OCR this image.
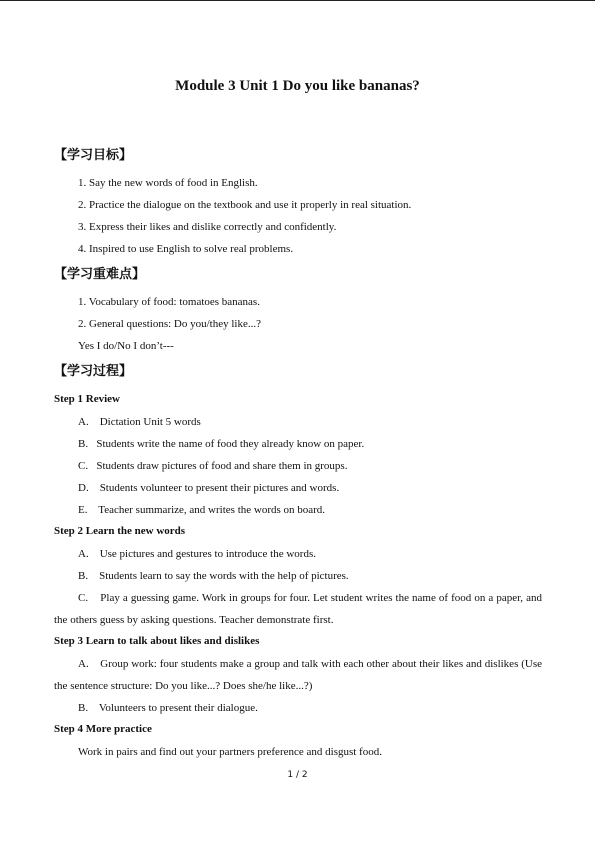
Module 3 Unit 1 Do you like bananas?
【学习目标】
1. Say the new words of food in English.
2. Practice the dialogue on the textbook and use it properly in real situation.
3. Express their likes and dislike correctly and confidently.
4. Inspired to use English to solve real problems.
【学习重难点】
1. Vocabulary of food: tomatoes bananas.
2. General questions: Do you/they like...?
Yes I do/No I don’t---
【学习过程】
Step 1 Review
A.    Dictation Unit 5 words
B.   Students write the name of food they already know on paper.
C.   Students draw pictures of food and share them in groups.
D.    Students volunteer to present their pictures and words.
E.    Teacher summarize, and writes the words on board.
Step 2 Learn the new words
A.    Use pictures and gestures to introduce the words.
B.    Students learn to say the words with the help of pictures.
C.    Play a guessing game. Work in groups for four. Let student writes the name of food on a paper, and the others guess by asking questions. Teacher demonstrate first.
Step 3 Learn to talk about likes and dislikes
A.    Group work: four students make a group and talk with each other about their likes and dislikes (Use the sentence structure: Do you like...? Does she/he like...?)
B.    Volunteers to present their dialogue.
Step 4 More practice
Work in pairs and find out your partners preference and disgust food.
1 / 2
